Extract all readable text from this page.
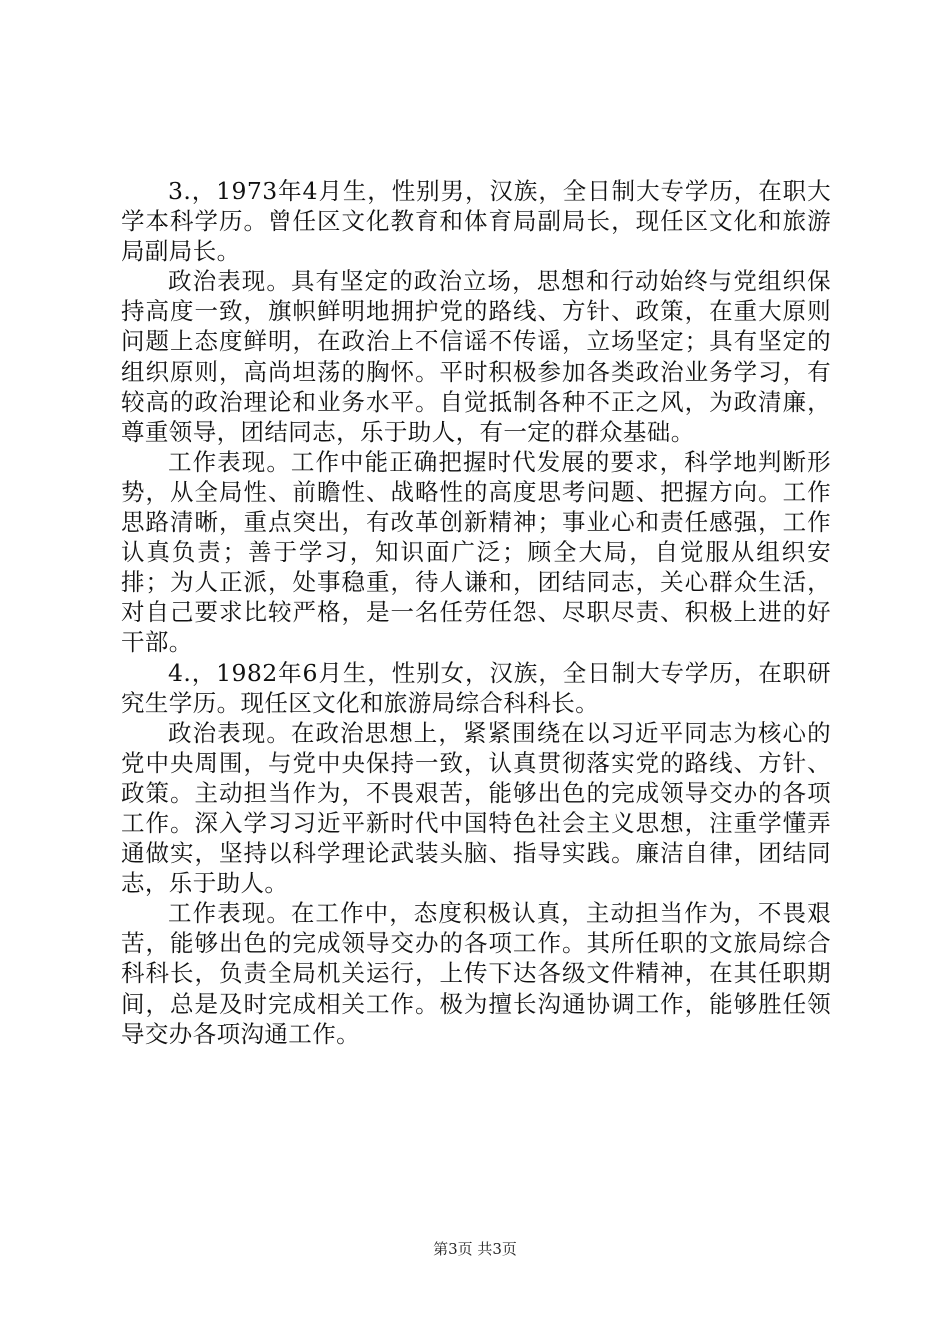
3.，1973年4月生，性别男，汉族，全日制大专学历，在职大学本科学历。曾任区文化教育和体育局副局长，现任区文化和旅游局副局长。

政治表现。具有坚定的政治立场，思想和行动始终与党组织保持高度一致，旗帜鲜明地拥护党的路线、方针、政策，在重大原则问题上态度鲜明，在政治上不信谣不传谣，立场坚定；具有坚定的组织原则，高尚坦荡的胸怀。平时积极参加各类政治业务学习，有较高的政治理论和业务水平。自觉抵制各种不正之风，为政清廉，尊重领导，团结同志，乐于助人，有一定的群众基础。

工作表现。工作中能正确把握时代发展的要求，科学地判断形势，从全局性、前瞻性、战略性的高度思考问题、把握方向。工作思路清晰，重点突出，有改革创新精神；事业心和责任感强，工作认真负责；善于学习，知识面广泛；顾全大局，自觉服从组织安排；为人正派，处事稳重，待人谦和，团结同志，关心群众生活，对自己要求比较严格，是一名任劳任怨、尽职尽责、积极上进的好干部。

4.，1982年6月生，性别女，汉族，全日制大专学历，在职研究生学历。现任区文化和旅游局综合科科长。

政治表现。在政治思想上，紧紧围绕在以习近平同志为核心的党中央周围，与党中央保持一致，认真贯彻落实党的路线、方针、政策。主动担当作为，不畏艰苦，能够出色的完成领导交办的各项工作。深入学习习近平新时代中国特色社会主义思想，注重学懂弄通做实，坚持以科学理论武装头脑、指导实践。廉洁自律，团结同志，乐于助人。

工作表现。在工作中，态度积极认真，主动担当作为，不畏艰苦，能够出色的完成领导交办的各项工作。其所任职的文旅局综合科科长，负责全局机关运行，上传下达各级文件精神，在其任职期间，总是及时完成相关工作。极为擅长沟通协调工作，能够胜任领导交办各项沟通工作。

第3页 共3页
